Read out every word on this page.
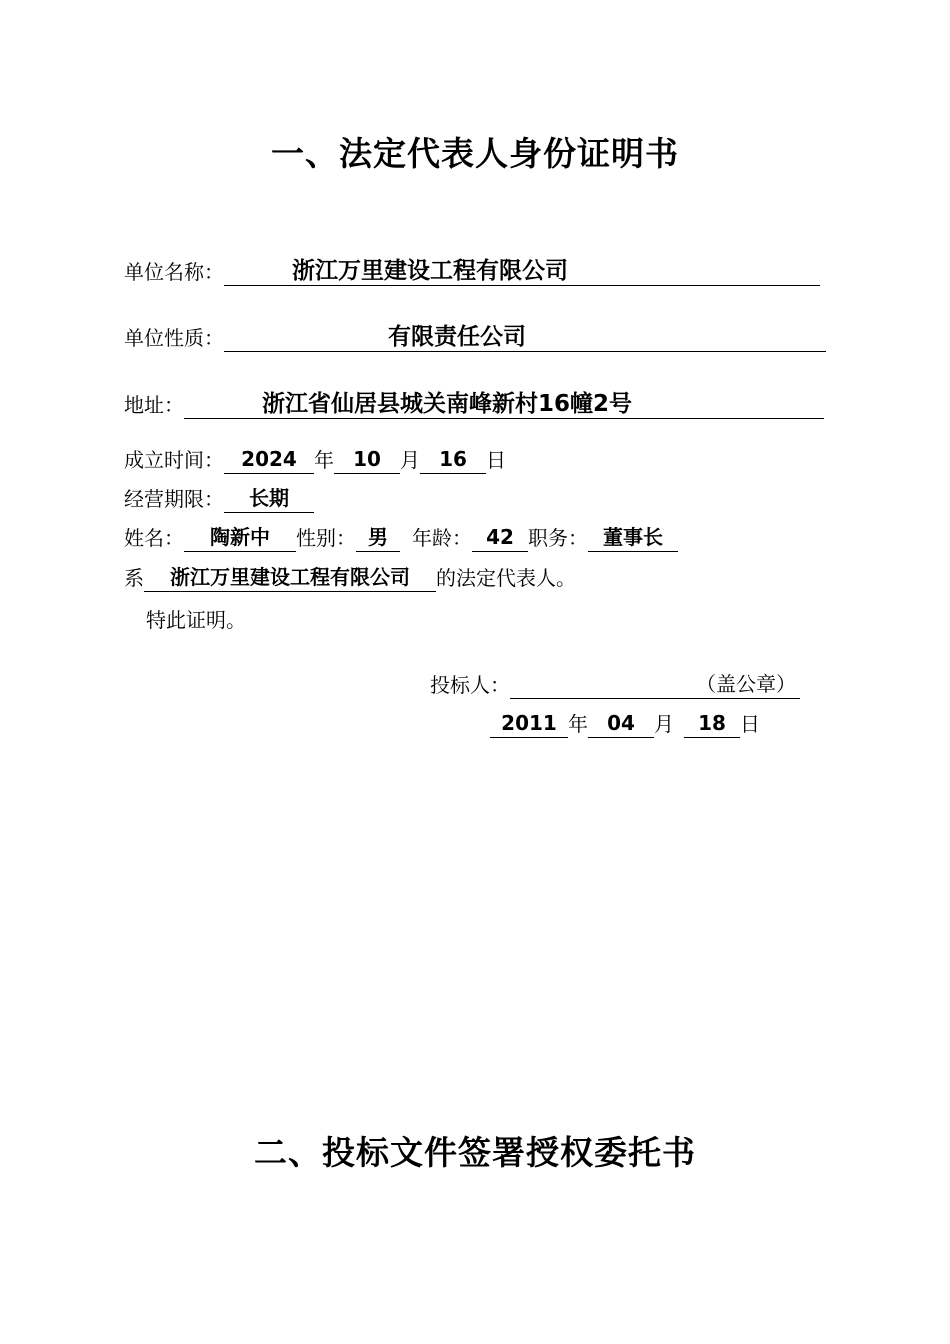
一、法定代表人身份证明书
单位名称：	浙江万里建设工程有限公司
单位性质：	有限责任公司
地址：	浙江省仙居县城关南峰新村16幢2号
成立时间： 2024 年 10 月 16 日
经营期限：	长期
姓名：	陶新中	性别： 男	年龄： 42 职务： 董事长
系	浙江万里建设工程有限公司	的法定代表人。
特此证明。
投标人：	（盖公章）
2011 年 04 月	18 日
二、投标文件签署授权委托书
